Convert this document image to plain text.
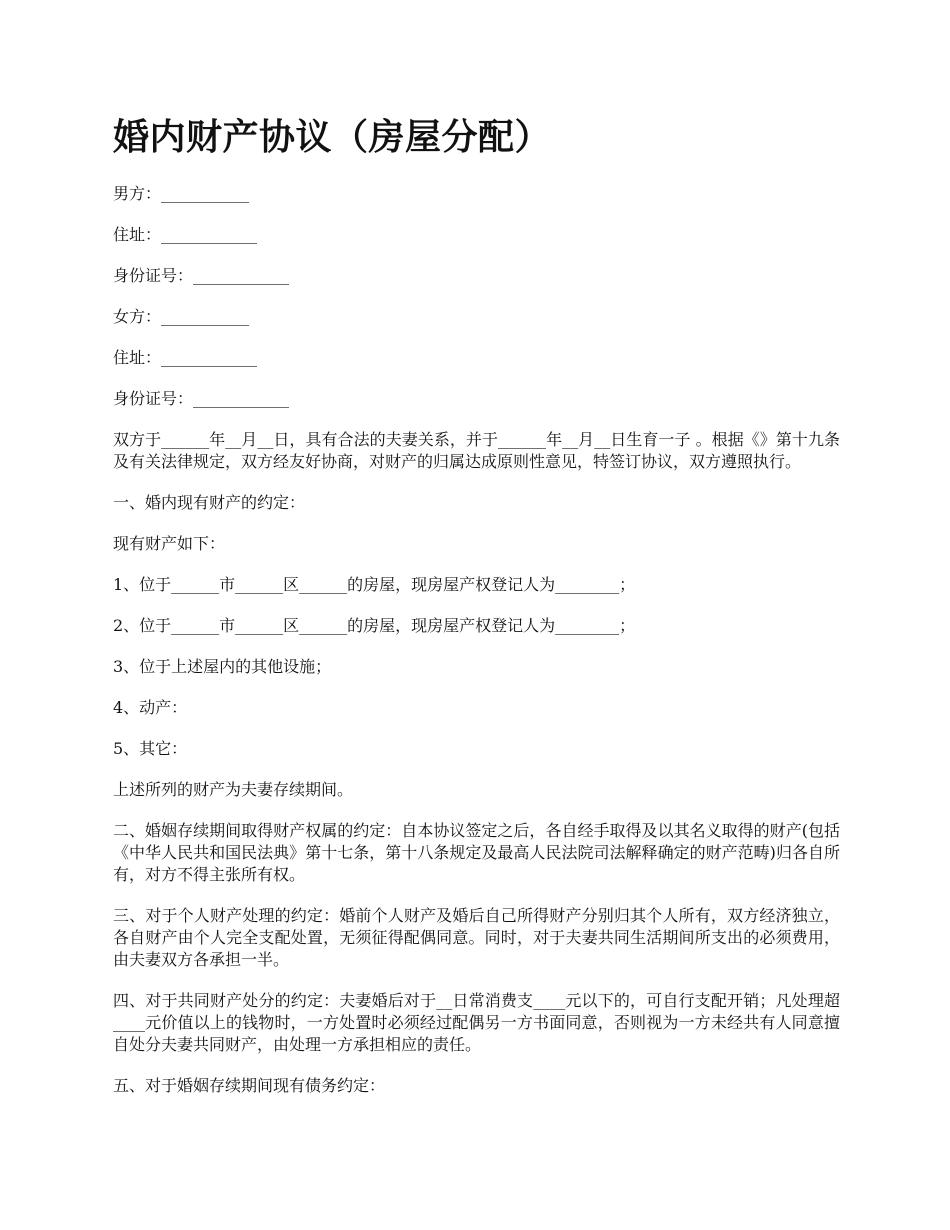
婚内财产协议（房屋分配）
男方：___________
住址：____________
身份证号：____________
女方：___________
住址：____________
身份证号：____________
双方于______年__月__日，具有合法的夫妻关系，并于______年__月__日生育一子 。根据《》第十九条及有关法律规定，双方经友好协商，对财产的归属达成原则性意见，特签订协议，双方遵照执行。
一、婚内现有财产的约定：
现有财产如下：
1、位于______市______区______的房屋，现房屋产权登记人为________；
2、位于______市______区______的房屋，现房屋产权登记人为________；
3、位于上述屋内的其他设施；
4、动产：
5、其它：
上述所列的财产为夫妻存续期间。
二、婚姻存续期间取得财产权属的约定：自本协议签定之后，各自经手取得及以其名义取得的财产(包括《中华人民共和国民法典》第十七条，第十八条规定及最高人民法院司法解释确定的财产范畴)归各自所有，对方不得主张所有权。
三、对于个人财产处理的约定：婚前个人财产及婚后自己所得财产分别归其个人所有，双方经济独立，各自财产由个人完全支配处置，无须征得配偶同意。同时，对于夫妻共同生活期间所支出的必须费用，由夫妻双方各承担一半。
四、对于共同财产处分的约定：夫妻婚后对于__日常消费支____元以下的，可自行支配开销；凡处理超____元价值以上的钱物时，一方处置时必须经过配偶另一方书面同意，否则视为一方未经共有人同意擅自处分夫妻共同财产，由处理一方承担相应的责任。
五、对于婚姻存续期间现有债务约定：
